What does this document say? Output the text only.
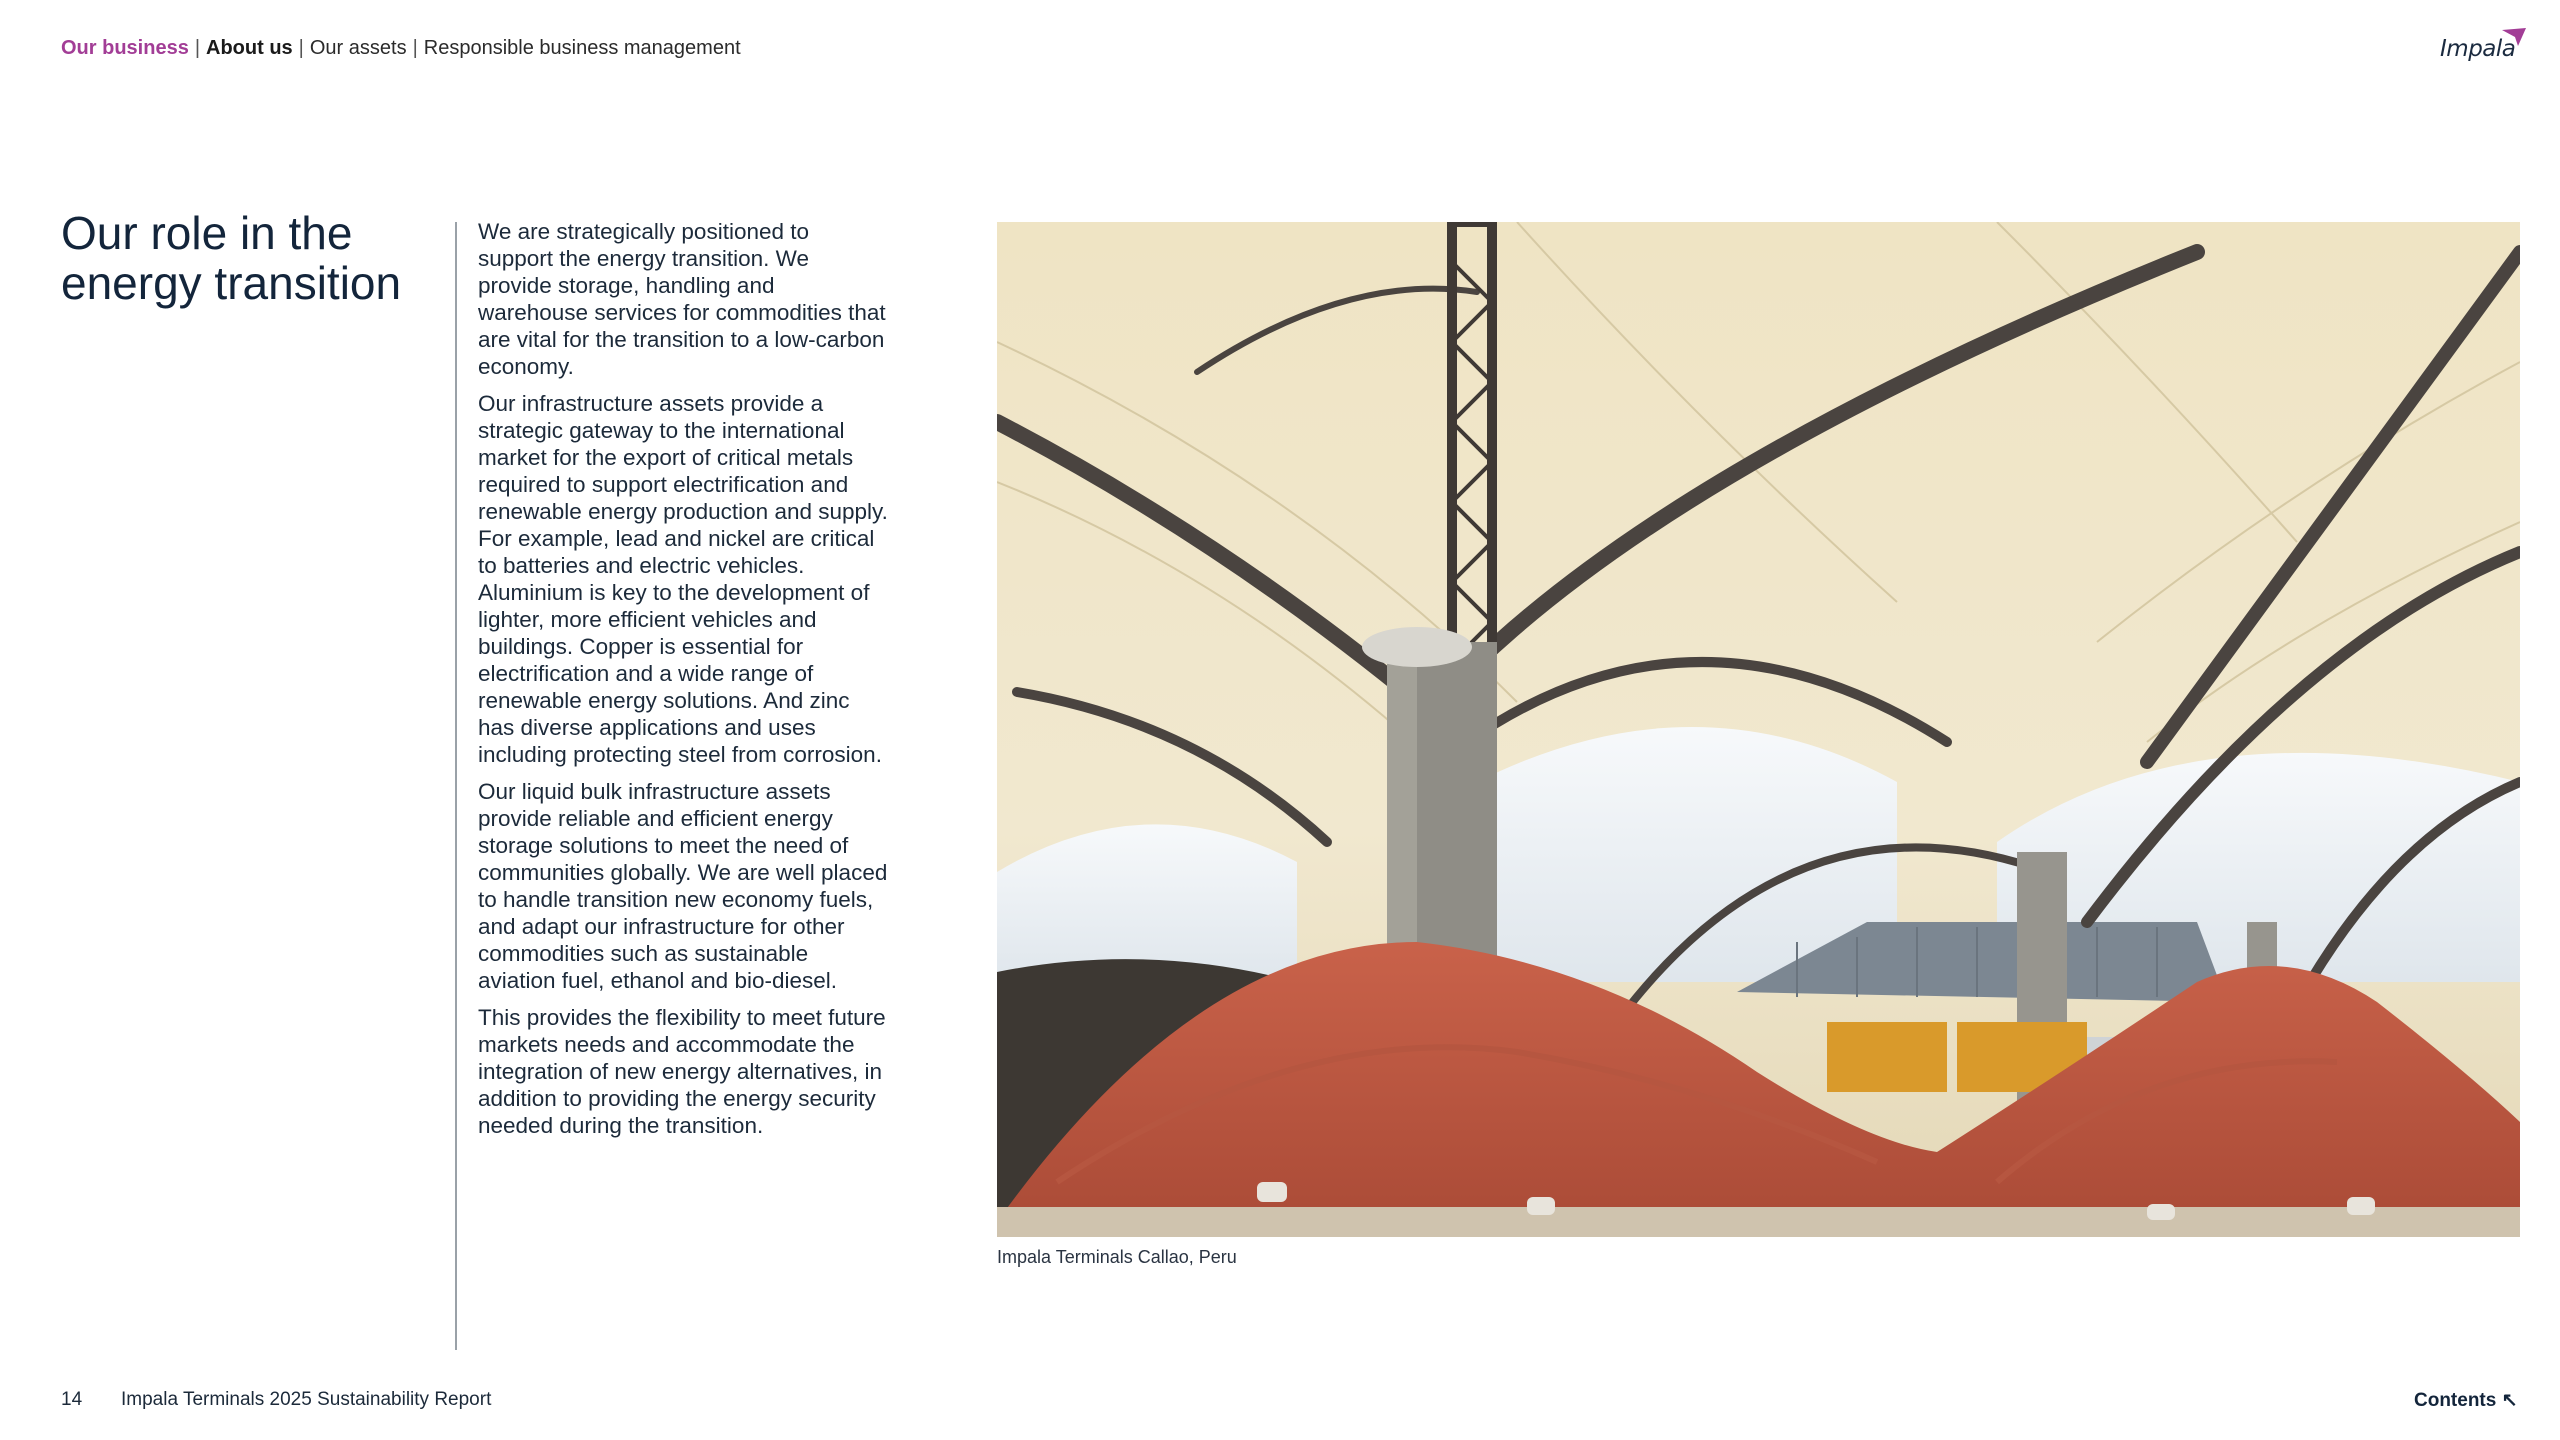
Our business | About us | Our assets | Responsible business management	Impala
Our role in the energy transition

We are strategically positioned to support the energy transition. We provide storage, handling and warehouse services for commodities that are vital for the transition to a low-carbon economy.

Our infrastructure assets provide a strategic gateway to the international market for the export of critical metals required to support electrification and renewable energy production and supply. For example, lead and nickel are critical to batteries and electric vehicles. Aluminium is key to the development of lighter, more efficient vehicles and buildings. Copper is essential for electrification and a wide range of renewable energy solutions. And zinc has diverse applications and uses including protecting steel from corrosion.

Our liquid bulk infrastructure assets provide reliable and efficient energy storage solutions to meet the need of communities globally. We are well placed to handle transition new economy fuels, and adapt our infrastructure for other commodities such as sustainable aviation fuel, ethanol and bio-diesel.

This provides the flexibility to meet future markets needs and accommodate the integration of new energy alternatives, in addition to providing the energy security needed during the transition.

Impala Terminals Callao, Peru
14 Impala Terminals 2025 Sustainability Report	Contents ↖
